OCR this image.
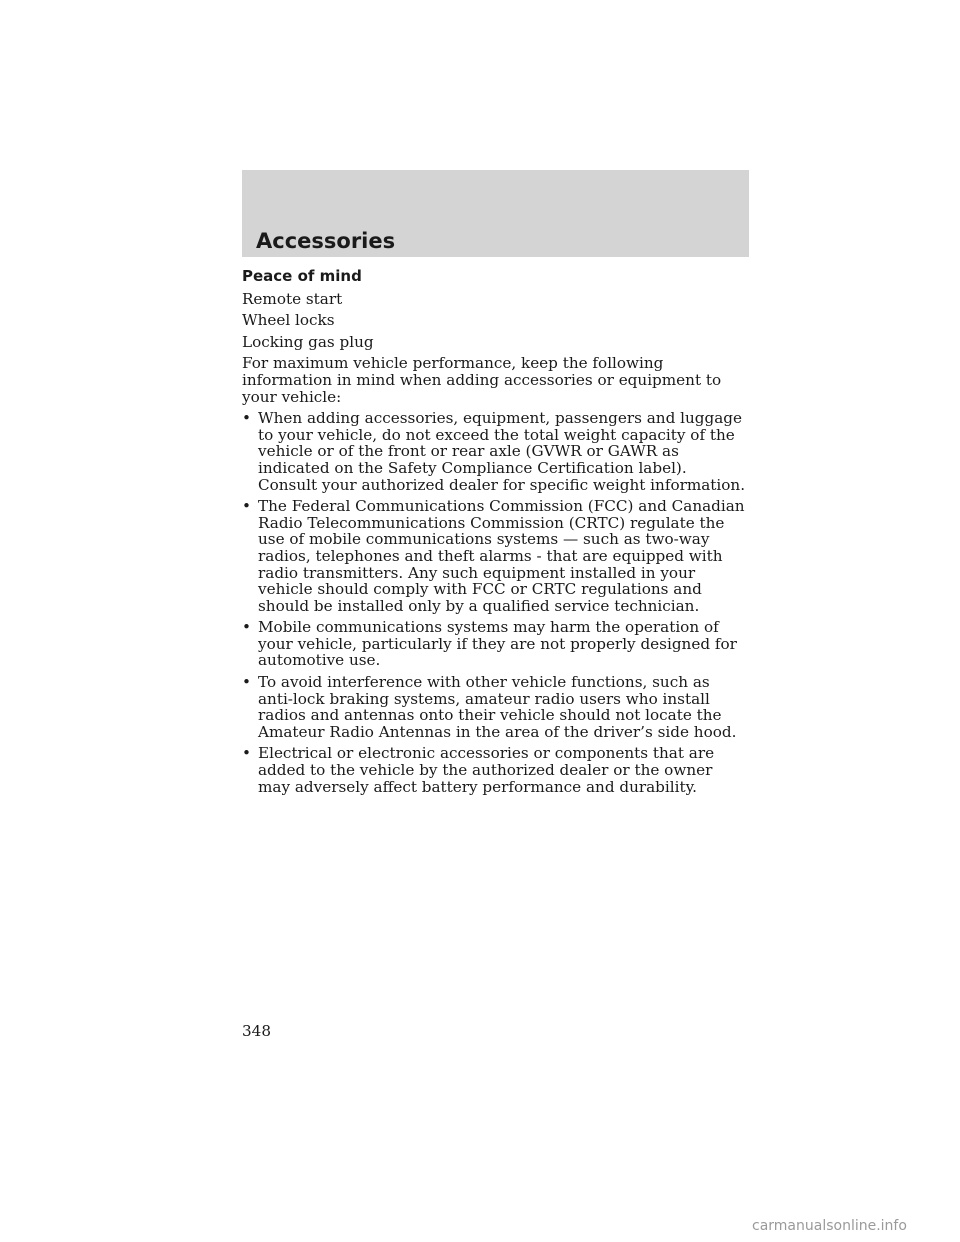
Accessories

Peace of mind

Remote start

Wheel locks

Locking gas plug

For maximum vehicle performance, keep the following information in mind when adding accessories or equipment to your vehicle:

• When adding accessories, equipment, passengers and luggage to your vehicle, do not exceed the total weight capacity of the vehicle or of the front or rear axle (GVWR or GAWR as indicated on the Safety Compliance Certification label). Consult your authorized dealer for specific weight information.
• The Federal Communications Commission (FCC) and Canadian Radio Telecommunications Commission (CRTC) regulate the use of mobile communications systems — such as two-way radios, telephones and theft alarms - that are equipped with radio transmitters. Any such equipment installed in your vehicle should comply with FCC or CRTC regulations and should be installed only by a qualified service technician.
• Mobile communications systems may harm the operation of your vehicle, particularly if they are not properly designed for automotive use.
• To avoid interference with other vehicle functions, such as anti-lock braking systems, amateur radio users who install radios and antennas onto their vehicle should not locate the Amateur Radio Antennas in the area of the driver’s side hood.
• Electrical or electronic accessories or components that are added to the vehicle by the authorized dealer or the owner may adversely affect battery performance and durability.
348
carmanualsonline.info
